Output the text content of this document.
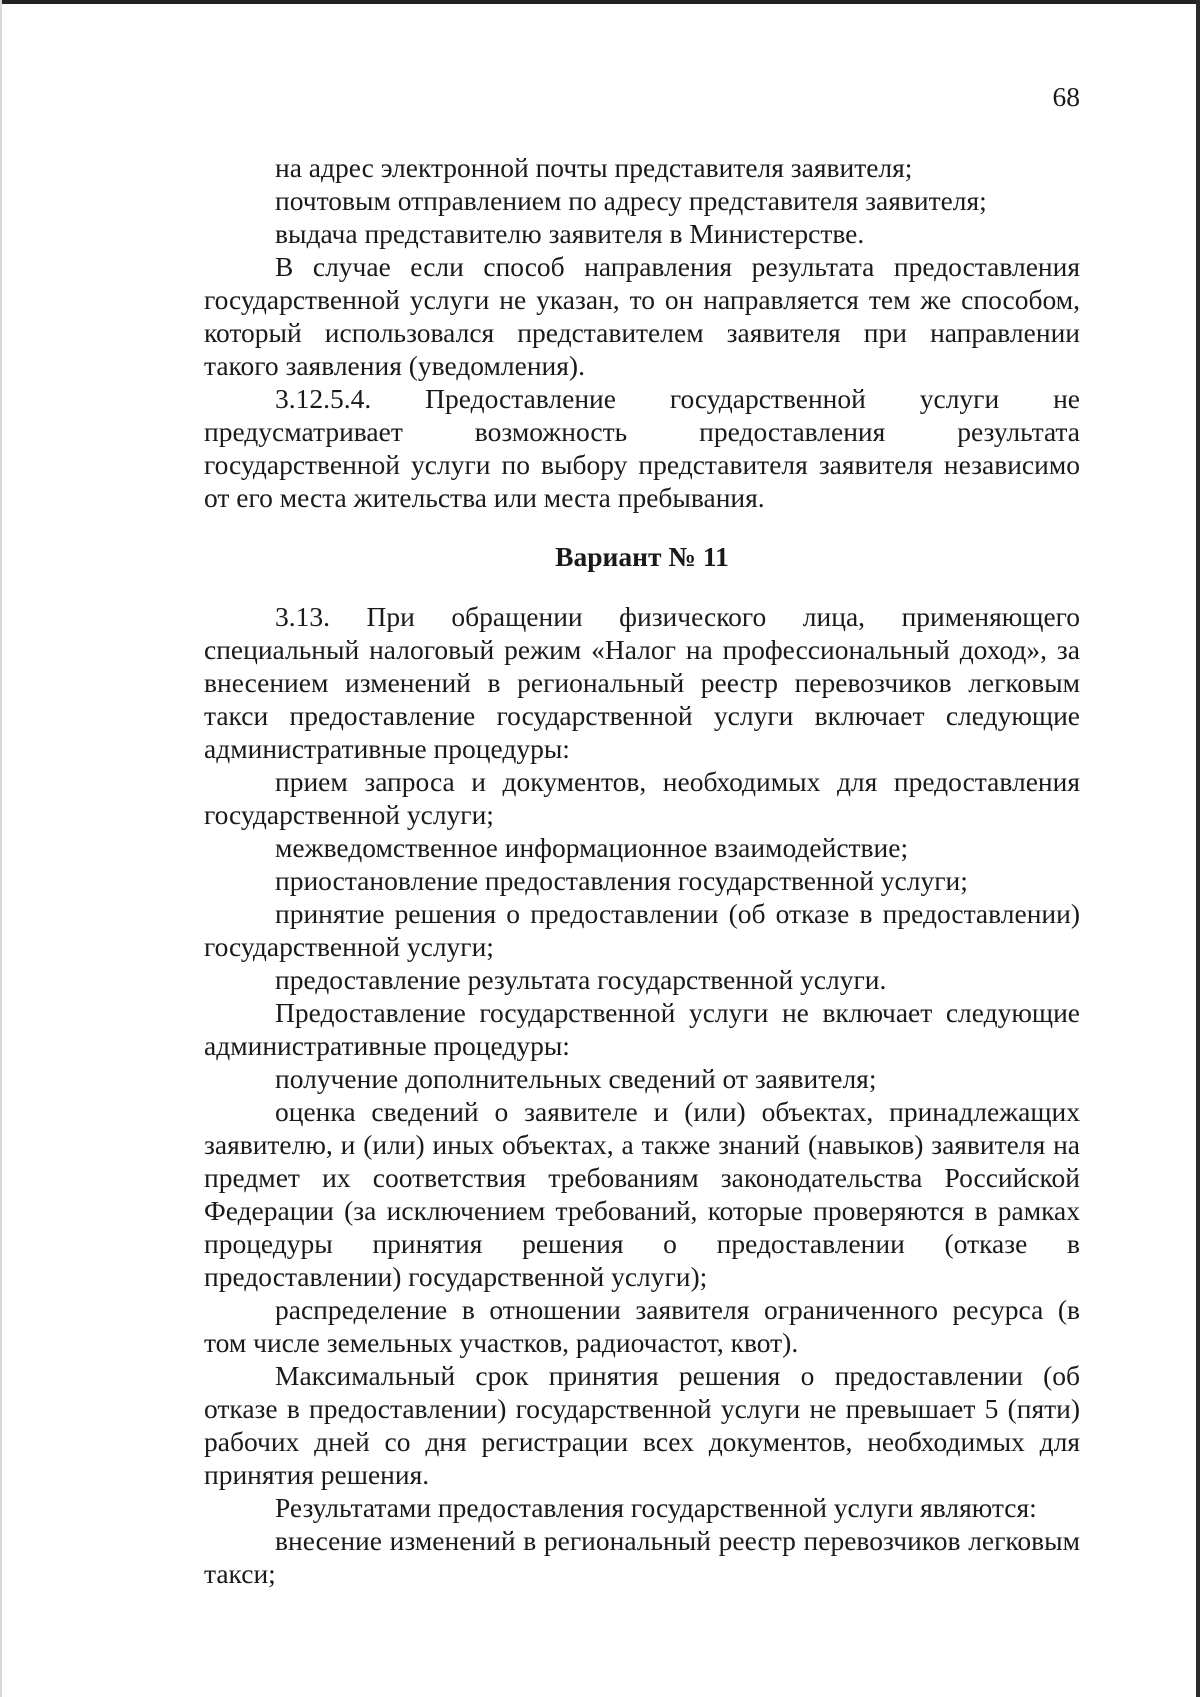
68

на адрес электронной почты представителя заявителя;

почтовым отправлением по адресу представителя заявителя;

выдача представителю заявителя в Министерстве.

В случае если способ направления результата предоставления государственной услуги не указан, то он направляется тем же способом, который использовался представителем заявителя при направлении такого заявления (уведомления).

3.12.5.4. Предоставление государственной услуги не предусматривает возможность предоставления результата государственной услуги по выбору представителя заявителя независимо от его места жительства или места пребывания.

Вариант № 11

3.13. При обращении физического лица, применяющего специальный налоговый режим «Налог на профессиональный доход», за внесением изменений в региональный реестр перевозчиков легковым такси предоставление государственной услуги включает следующие административные процедуры:

прием запроса и документов, необходимых для предоставления государственной услуги;

межведомственное информационное взаимодействие;

приостановление предоставления государственной услуги;

принятие решения о предоставлении (об отказе в предоставлении) государственной услуги;

предоставление результата государственной услуги.

Предоставление государственной услуги не включает следующие административные процедуры:

получение дополнительных сведений от заявителя;

оценка сведений о заявителе и (или) объектах, принадлежащих заявителю, и (или) иных объектах, а также знаний (навыков) заявителя на предмет их соответствия требованиям законодательства Российской Федерации (за исключением требований, которые проверяются в рамках процедуры принятия решения о предоставлении (отказе в предоставлении) государственной услуги);

распределение в отношении заявителя ограниченного ресурса (в том числе земельных участков, радиочастот, квот).

Максимальный срок принятия решения о предоставлении (об отказе в предоставлении) государственной услуги не превышает 5 (пяти) рабочих дней со дня регистрации всех документов, необходимых для принятия решения.

Результатами предоставления государственной услуги являются:

внесение изменений в региональный реестр перевозчиков легковым такси;
